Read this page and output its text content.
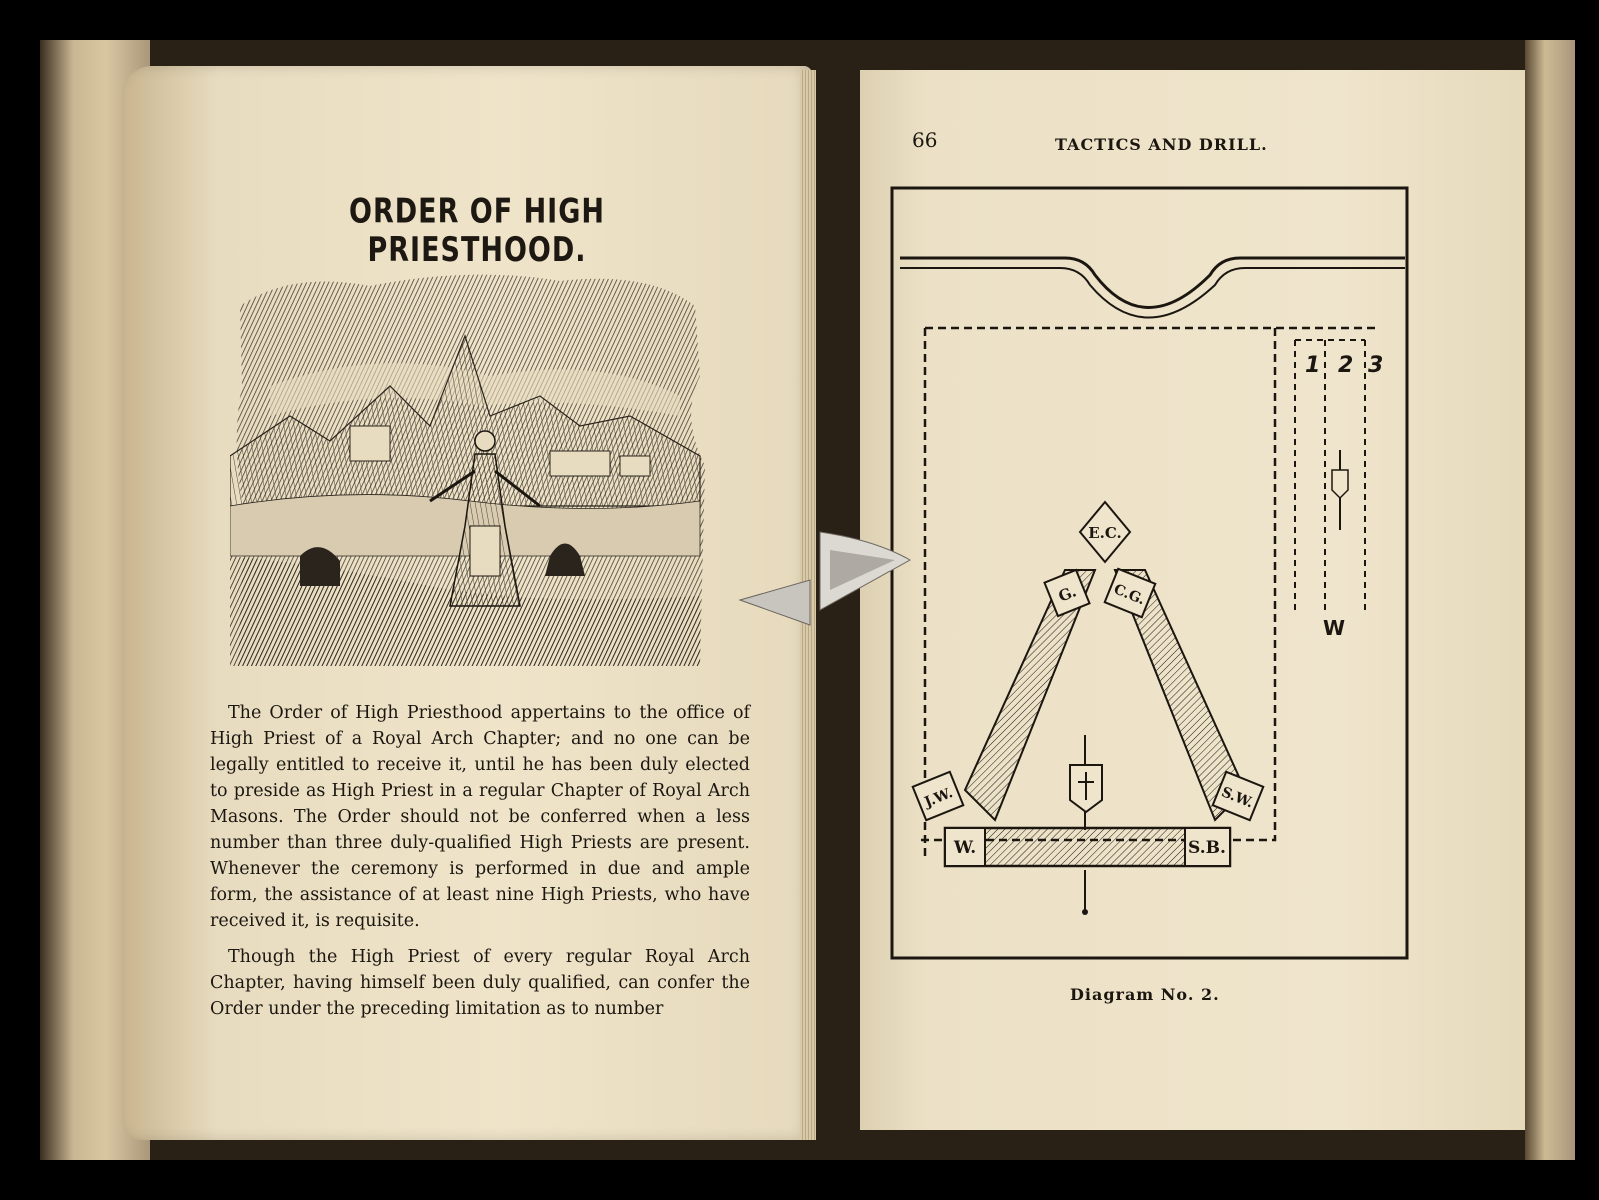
ORDER OF HIGH PRIESTHOOD.

The Order of High Priesthood appertains to the office of High Priest of a Royal Arch Chapter; and no one can be legally entitled to receive it, until he has been duly elected to preside as High Priest in a regular Chapter of Royal Arch Masons. The Order should not be conferred when a less number than three duly-qualified High Priests are present. Whenever the ceremony is performed in due and ample form, the assistance of at least nine High Priests, who have received it, is requisite.

Though the High Priest of every regular Royal Arch Chapter, having himself been duly qualified, can confer the Order under the preceding limitation as to number

66	TACTICS AND DRILL.
1 2 3
W
E.C.
G. C.G.
J.W.	S.W.
W.	S.B.
Diagram No. 2.
